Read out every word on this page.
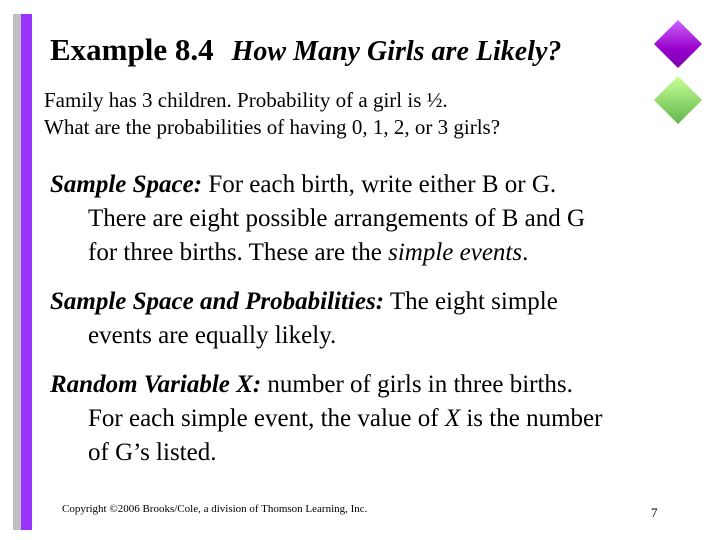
Example 8.4 How Many Girls are Likely?
Family has 3 children. Probability of a girl is ½.
What are the probabilities of having 0, 1, 2, or 3 girls?
Sample Space: For each birth, write either B or G.
There are eight possible arrangements of B and G
for three births. These are the simple events.
Sample Space and Probabilities: The eight simple
events are equally likely.
Random Variable X: number of girls in three births.
For each simple event, the value of X is the number
of G’s listed.
Copyright ©2006 Brooks/Cole, a division of Thomson Learning, Inc.	7
